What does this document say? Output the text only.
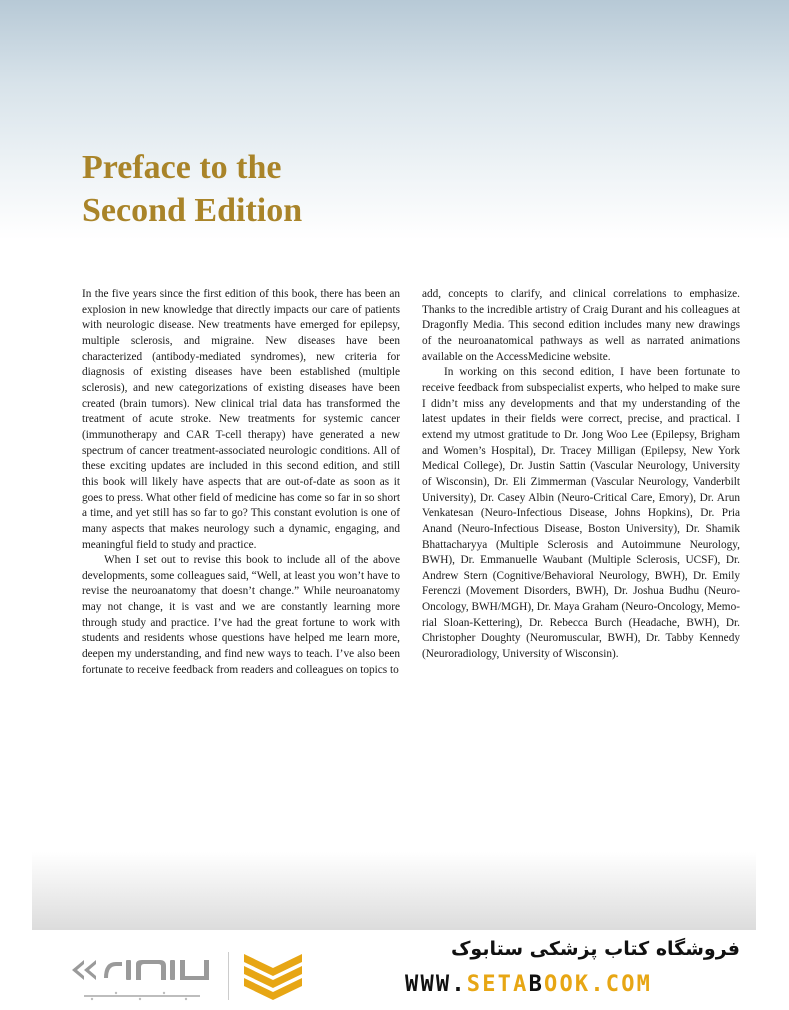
Preface to the
Second Edition

In the five years since the first edition of this book, there has been an explosion in new knowledge that directly impacts our care of patients with neurologic disease. New treatments have emerged for epilepsy, multiple sclerosis, and migraine. New diseases have been characterized (antibody-mediated syndromes), new criteria for diagnosis of existing diseases have been established (multiple sclerosis), and new categorizations of existing diseases have been created (brain tumors). New clinical trial data has transformed the treatment of acute stroke. New treatments for systemic cancer (immunotherapy and CAR T-cell therapy) have generated a new spectrum of cancer treatment-associated neurologic conditions. All of these exciting updates are included in this second edition, and still this book will likely have aspects that are out-of-date as soon as it goes to press. What other field of medicine has come so far in so short a time, and yet still has so far to go? This constant evolution is one of many aspects that makes neurology such a dynamic, engaging, and meaningful field to study and practice.

When I set out to revise this book to include all of the above developments, some colleagues said, “Well, at least you won’t have to revise the neuroanatomy that doesn’t change.” While neuroanatomy may not change, it is vast and we are constantly learning more through study and practice. I’ve had the great fortune to work with students and residents whose questions have helped me learn more, deepen my understanding, and find new ways to teach. I’ve also been fortunate to receive feedback from readers and colleagues on topics to

add, concepts to clarify, and clinical correlations to emphasize. Thanks to the incredible artistry of Craig Durant and his colleagues at Dragonfly Media. This second edition includes many new drawings of the neuroanatomical pathways as well as narrated animations available on the AccessMedicine website.

In working on this second edition, I have been fortunate to receive feedback from subspecialist experts, who helped to make sure I didn’t miss any developments and that my understanding of the latest updates in their fields were correct, precise, and practical. I extend my utmost gratitude to Dr. Jong Woo Lee (Epilepsy, Brigham and Women’s Hospital), Dr. Tracey Milligan (Epilepsy, New York Medical College), Dr. Justin Sattin (Vascular Neurology, University of Wisconsin), Dr. Eli Zimmerman (Vascular Neurology, Vanderbilt University), Dr. Casey Albin (Neuro-Critical Care, Emory), Dr. Arun Venkatesan (Neuro-Infectious Disease, Johns Hopkins), Dr. Pria Anand (Neuro-Infectious Disease, Boston University), Dr. Shamik Bhattacharyya (Multiple Sclerosis and Autoimmune Neurology, BWH), Dr. Emmanuelle Waubant (Multiple Sclerosis, UCSF), Dr. Andrew Stern (Cognitive/Behavioral Neurology, BWH), Dr. Emily Ferenczi (Movement Disorders, BWH), Dr. Joshua Budhu (Neuro-Oncology, BWH/MGH), Dr. Maya Graham (Neuro-Oncology, Memorial Sloan-Kettering), Dr. Rebecca Burch (Headache, BWH), Dr. Christopher Doughty (Neuromuscular, BWH), Dr. Tabby Kennedy (Neuroradiology, University of Wisconsin).

فروشگاه کتاب پزشکی ستابوک
WWW.SETABOOK.COM
